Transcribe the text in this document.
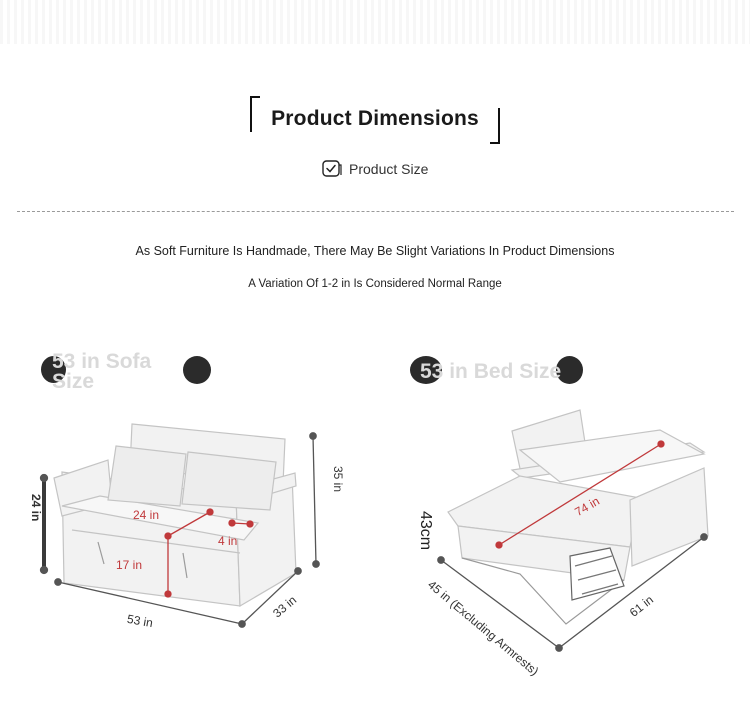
Product Dimensions
Product Size
As Soft Furniture Is Handmade, There May Be Slight Variations In Product Dimensions
A Variation Of 1-2 in Is Considered Normal Range
53 in Sofa Size	53 in Bed Size
53 in
33 in
35 in
24 in	24 in
4 in
17 in
74 in
43cm
45 in (Excluding Armrests)	61 in
